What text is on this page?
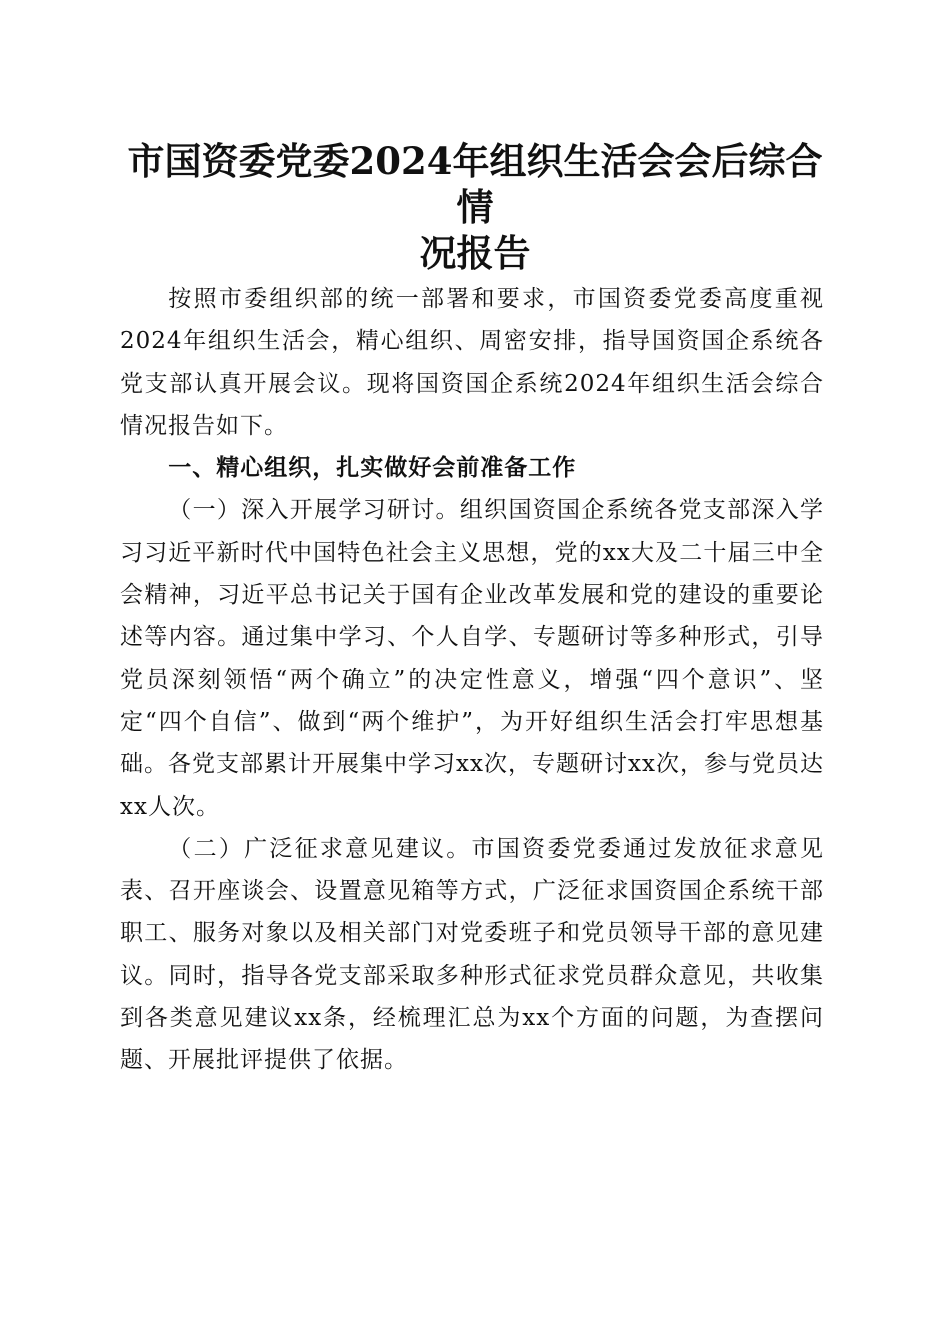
市国资委党委2024年组织生活会会后综合情
况报告

按照市委组织部的统一部署和要求，市国资委党委高度重视2024年组织生活会，精心组织、周密安排，指导国资国企系统各党支部认真开展会议。现将国资国企系统2024年组织生活会综合情况报告如下。

一、精心组织，扎实做好会前准备工作

（一）深入开展学习研讨。组织国资国企系统各党支部深入学习习近平新时代中国特色社会主义思想，党的xx大及二十届三中全会精神，习近平总书记关于国有企业改革发展和党的建设的重要论述等内容。通过集中学习、个人自学、专题研讨等多种形式，引导党员深刻领悟“两个确立”的决定性意义，增强“四个意识”、坚定“四个自信”、做到“两个维护”，为开好组织生活会打牢思想基础。各党支部累计开展集中学习xx次，专题研讨xx次，参与党员达xx人次。

（二）广泛征求意见建议。市国资委党委通过发放征求意见表、召开座谈会、设置意见箱等方式，广泛征求国资国企系统干部职工、服务对象以及相关部门对党委班子和党员领导干部的意见建议。同时，指导各党支部采取多种形式征求党员群众意见，共收集到各类意见建议xx条，经梳理汇总为xx个方面的问题，为查摆问题、开展批评提供了依据。
